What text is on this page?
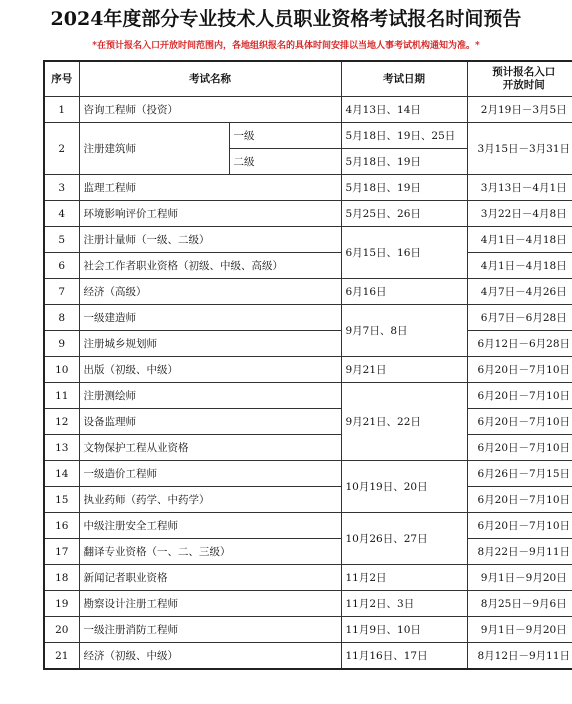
2024年度部分专业技术人员职业资格考试报名时间预告
*在预计报名入口开放时间范围内，各地组织报名的具体时间安排以当地人事考试机构通知为准。*
序号	考试名称		考试日期	预计报名入口
开放时间

1	咨询工程师（投资）		4月13日、14日	2月19日－3月5日
2	注册建筑师	一级	5月18日、19日、25日	3月15日－3月31日
		二级	5月18日、19日	
3	监理工程师		5月18日、19日	3月13日－4月1日
4	环境影响评价工程师		5月25日、26日	3月22日－4月8日
5	注册计量师（一级、二级）		6月15日、16日	4月1日－4月18日
6	社会工作者职业资格（初级、中级、高级）			4月1日－4月18日
7	经济（高级）		6月16日	4月7日－4月26日
8	一级建造师		9月7日、8日	6月7日－6月28日
9	注册城乡规划师			6月12日－6月28日
10	出版（初级、中级）		9月21日	6月20日－7月10日
11	注册测绘师		9月21日、22日	6月20日－7月10日
12	设备监理师			6月20日－7月10日
13	文物保护工程从业资格			6月20日－7月10日
14	一级造价工程师		10月19日、20日	6月26日－7月15日
15	执业药师（药学、中药学）			6月20日－7月10日
16	中级注册安全工程师		10月26日、27日	6月20日－7月10日
17	翻译专业资格（一、二、三级）			8月22日－9月11日
18	新闻记者职业资格		11月2日	9月1日－9月20日
19	勘察设计注册工程师		11月2日、3日	8月25日－9月6日
20	一级注册消防工程师		11月9日、10日	9月1日－9月20日
21	经济（初级、中级）		11月16日、17日	8月12日－9月11日
